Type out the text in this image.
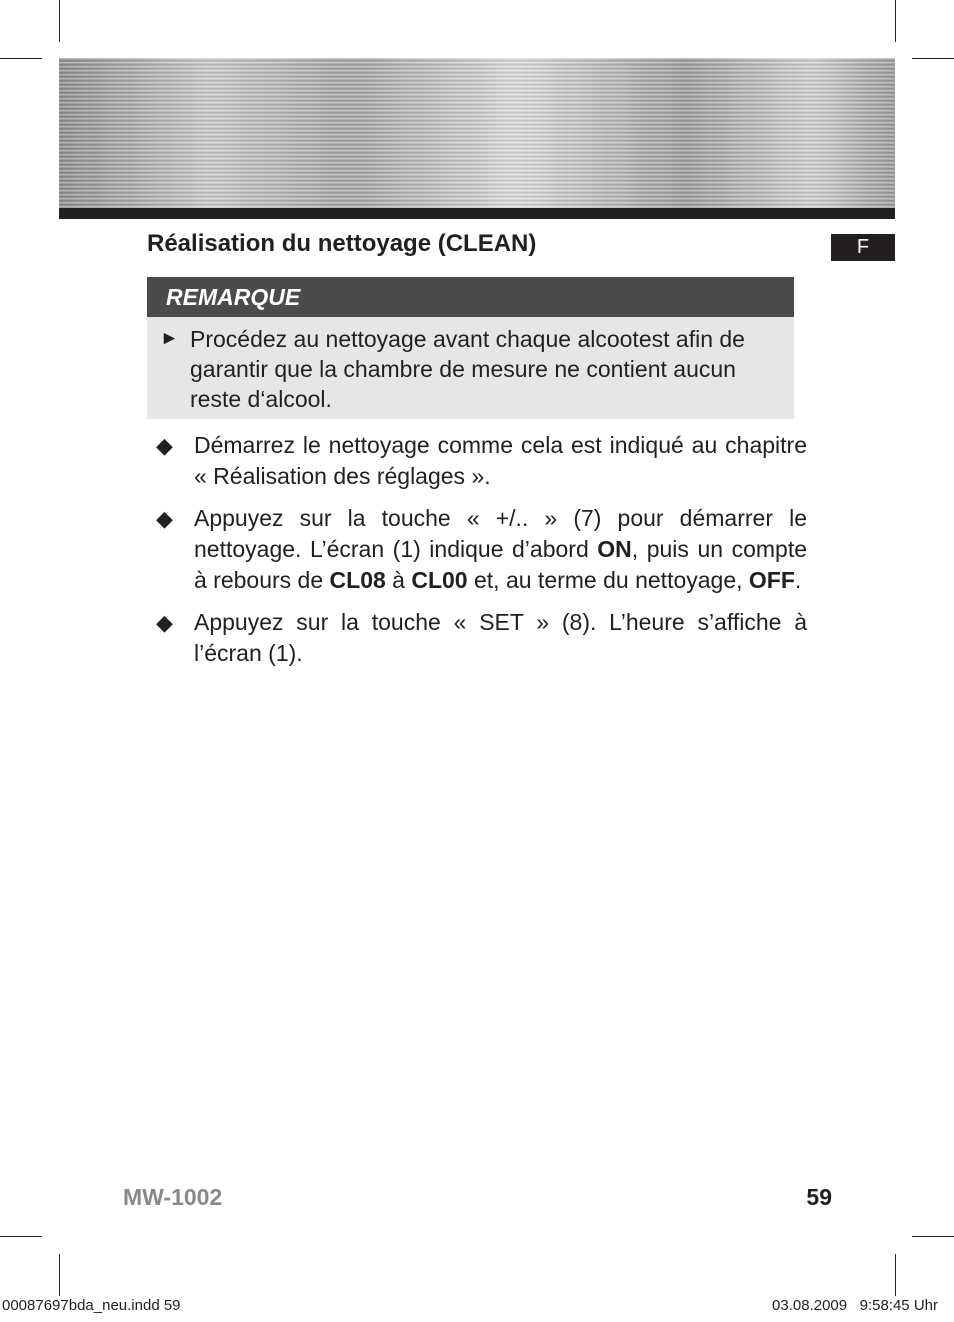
Réalisation du nettoyage (CLEAN)	F
REMARQUE
► Procédez au nettoyage avant chaque alcootest afin de garantir que la chambre de mesure ne contient aucun reste d‘alcool.
◆ Démarrez le nettoyage comme cela est indiqué au chapitre « Réalisation des réglages ».
◆ Appuyez sur la touche « +/.. » (7) pour démarrer le nettoyage. L’écran (1) indique d’abord ON, puis un compte à rebours de CL08 à CL00 et, au terme du nettoyage, OFF.
◆ Appuyez sur la touche « SET » (8). L’heure s’affiche à l’écran (1).
MW-1002	59
00087697bda_neu.indd 59	03.08.2009   9:58:45 Uhr
